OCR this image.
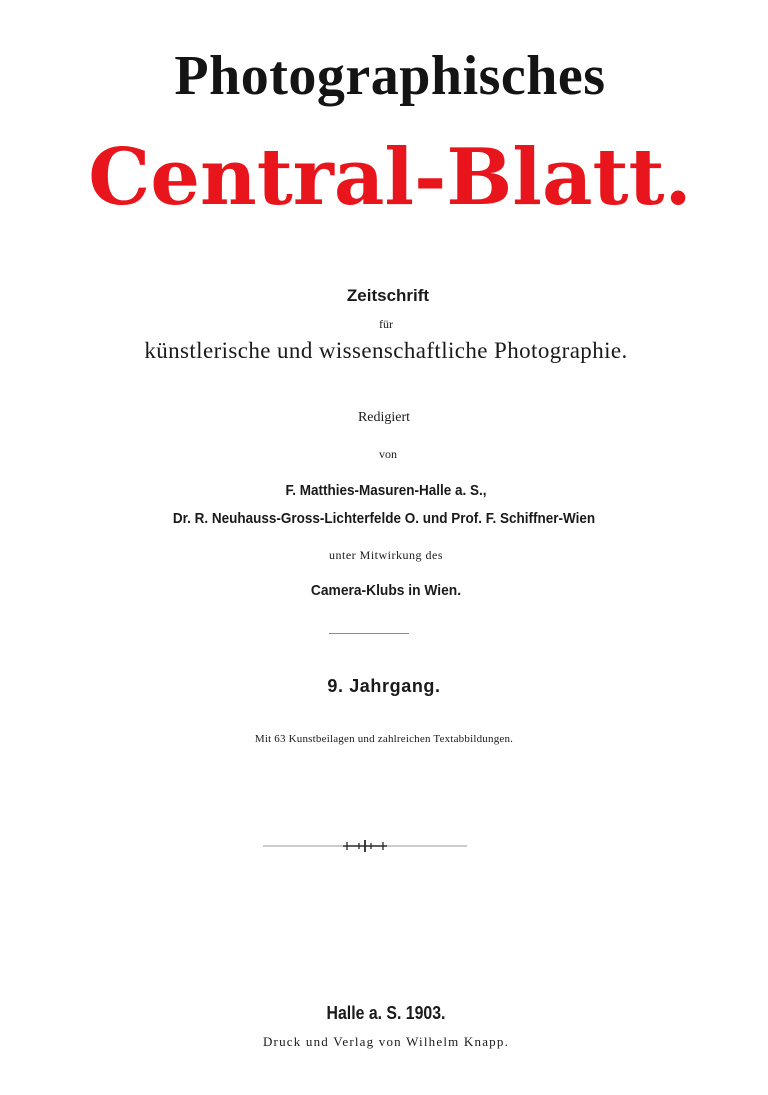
Photographisches
Central-Blatt.
Zeitschrift
für
künstlerische und wissenschaftliche Photographie.
Redigiert
von
F. Matthies-Masuren-Halle a. S.,
Dr. R. Neuhauss-Gross-Lichterfelde O. und Prof. F. Schiffner-Wien
unter Mitwirkung des
Camera-Klubs in Wien.
9. Jahrgang.
Mit 63 Kunstbeilagen und zahlreichen Textabbildungen.
Halle a. S. 1903.
Druck und Verlag von Wilhelm Knapp.
